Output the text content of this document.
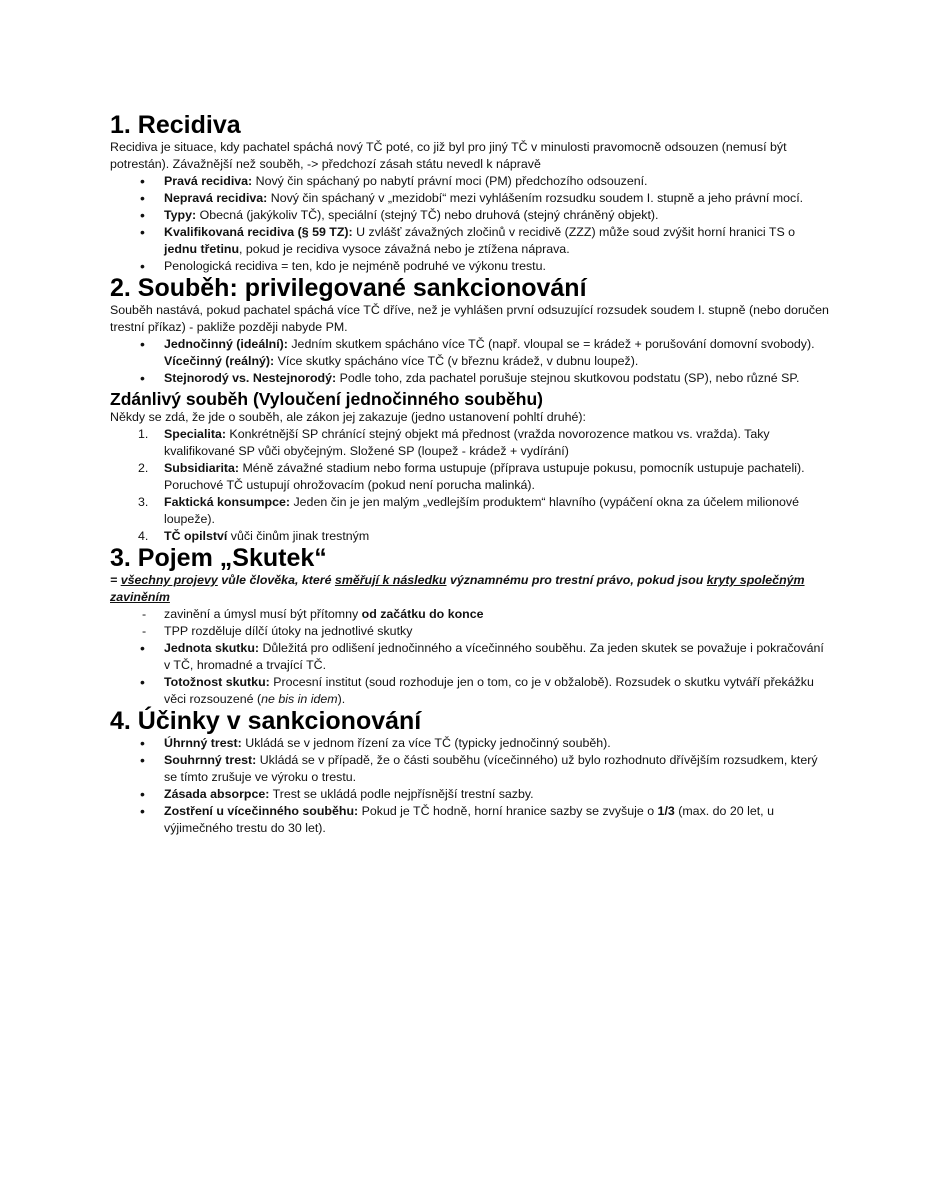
1. Recidiva

Recidiva je situace, kdy pachatel spáchá nový TČ poté, co již byl pro jiný TČ v minulosti pravomocně odsouzen (nemusí být potrestán). Závažnější než souběh, -> předchozí zásah státu nevedl k nápravě

• Pravá recidiva: Nový čin spáchaný po nabytí právní moci (PM) předchozího odsouzení.
• Nepravá recidiva: Nový čin spáchaný v „mezidobí“ mezi vyhlášením rozsudku soudem I. stupně a jeho právní mocí.
• Typy: Obecná (jakýkoliv TČ), speciální (stejný TČ) nebo druhová (stejný chráněný objekt).
• Kvalifikovaná recidiva (§ 59 TZ): U zvlášť závažných zločinů v recidivě (ZZZ) může soud zvýšit horní hranici TS o jednu třetinu, pokud je recidiva vysoce závažná nebo je ztížena náprava.
• Penologická recidiva = ten, kdo je nejméně podruhé ve výkonu trestu.
2. Souběh: privilegované sankcionování

Souběh nastává, pokud pachatel spáchá více TČ dříve, než je vyhlášen první odsuzující rozsudek soudem I. stupně (nebo doručen trestní příkaz) - pakliže později nabyde PM.

• Jednočinný (ideální): Jedním skutkem spácháno více TČ (např. vloupal se = krádež + porušování domovní svobody). Vícečinný (reálný): Více skutky spácháno více TČ (v březnu krádež, v dubnu loupež).
• Stejnorodý vs. Nestejnorodý: Podle toho, zda pachatel porušuje stejnou skutkovou podstatu (SP), nebo různé SP.
Zdánlivý souběh (Vyloučení jednočinného souběhu)

Někdy se zdá, že jde o souběh, ale zákon jej zakazuje (jedno ustanovení pohltí druhé):

1. Specialita: Konkrétnější SP chránící stejný objekt má přednost (vražda novorozence matkou vs. vražda). Taky kvalifikované SP vůči obyčejným. Složené SP (loupež - krádež + vydírání)
2. Subsidiarita: Méně závažné stadium nebo forma ustupuje (příprava ustupuje pokusu, pomocník ustupuje pachateli). Poruchové TČ ustupují ohrožovacím (pokud není porucha malinká).
3. Faktická konsumpce: Jeden čin je jen malým „vedlejším produktem“ hlavního (vypáčení okna za účelem milionové loupeže).
4. TČ opilství vůči činům jinak trestným
3. Pojem „Skutek“

= všechny projevy vůle člověka, které směřují k následku významnému pro trestní právo, pokud jsou kryty společným zaviněním

- zavinění a úmysl musí být přítomny od začátku do konce
- TPP rozděluje dílčí útoky na jednotlivé skutky
• Jednota skutku: Důležitá pro odlišení jednočinného a vícečinného souběhu. Za jeden skutek se považuje i pokračování v TČ, hromadné a trvající TČ.
• Totožnost skutku: Procesní institut (soud rozhoduje jen o tom, co je v obžalobě). Rozsudek o skutku vytváří překážku věci rozsouzené (ne bis in idem).
4. Účinky v sankcionování
• Úhrnný trest: Ukládá se v jednom řízení za více TČ (typicky jednočinný souběh).
• Souhrnný trest: Ukládá se v případě, že o části souběhu (vícečinného) už bylo rozhodnuto dřívějším rozsudkem, který se tímto zrušuje ve výroku o trestu.
• Zásada absorpce: Trest se ukládá podle nejpřísnější trestní sazby.
• Zostření u vícečinného souběhu: Pokud je TČ hodně, horní hranice sazby se zvyšuje o 1/3 (max. do 20 let, u výjimečného trestu do 30 let).
